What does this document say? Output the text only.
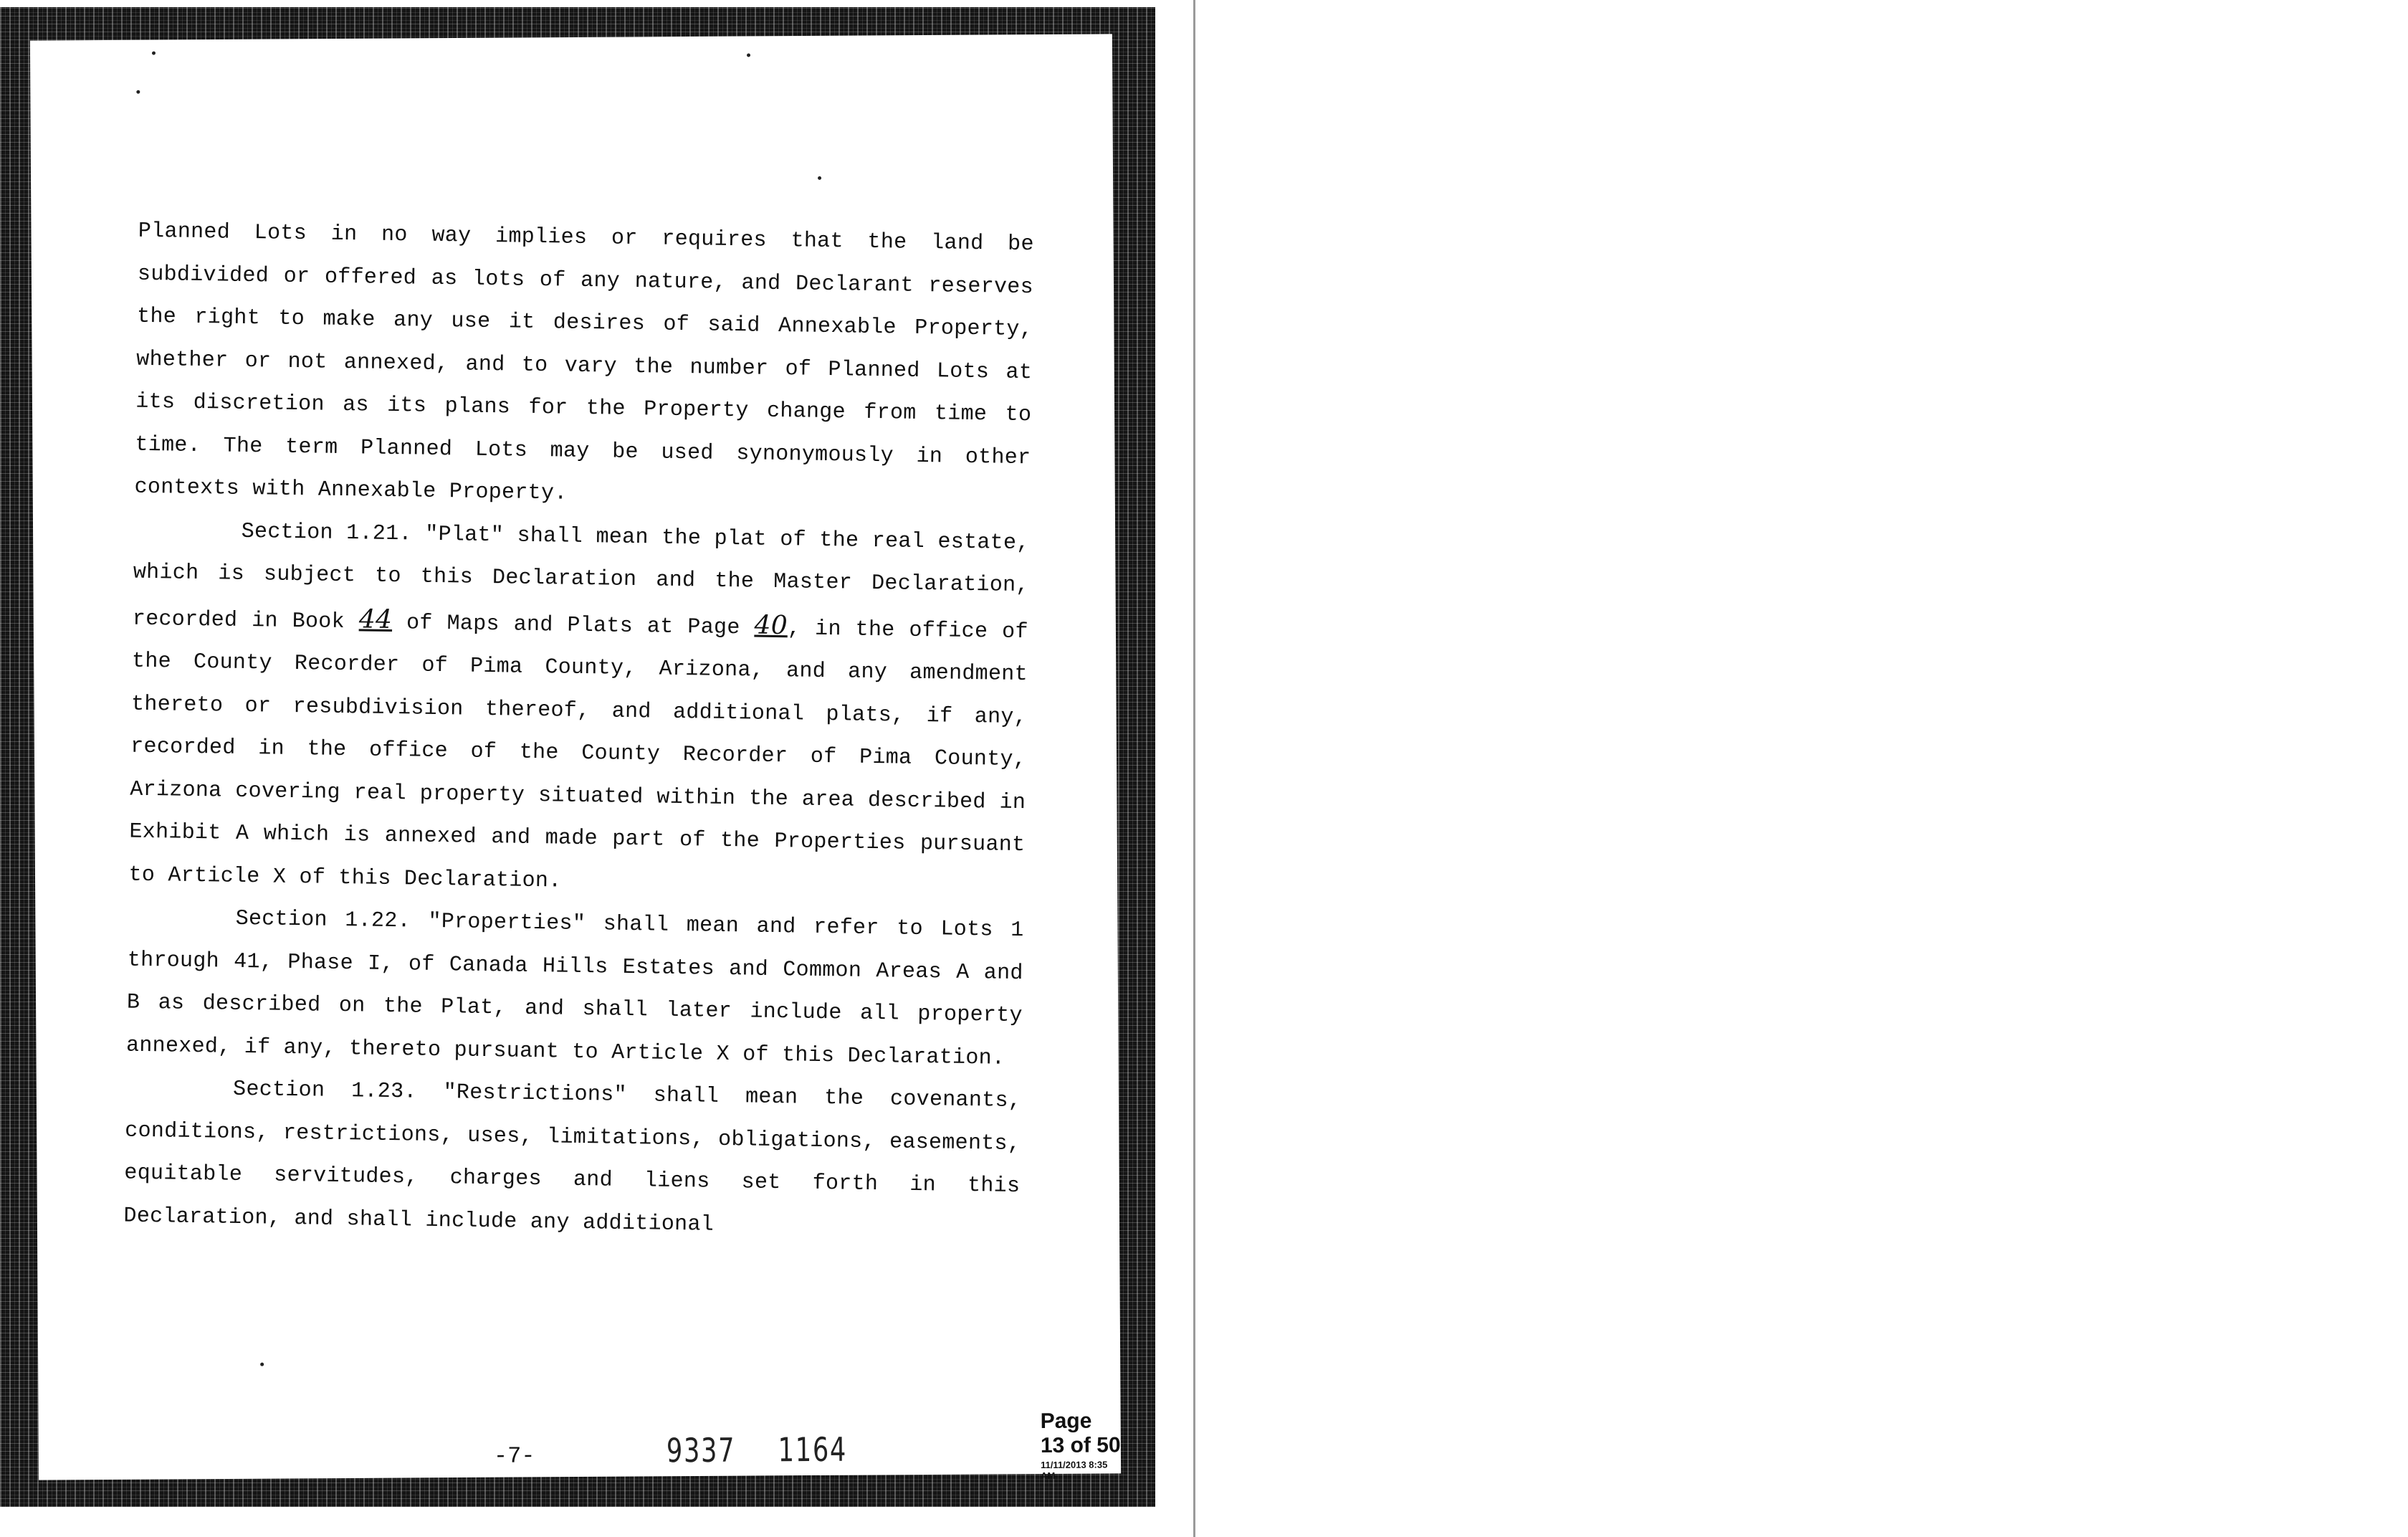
Planned Lots in no way implies or requires that the land be subdivided or offered as lots of any nature, and Declarant reserves the right to make any use it desires of said Annexable Property, whether or not annexed, and to vary the number of Planned Lots at its discretion as its plans for the Property change from time to time. The term Planned Lots may be used synonymously in other contexts with Annexable Property.

Section 1.21. "Plat" shall mean the plat of the real estate, which is subject to this Declaration and the Master Declaration, recorded in Book 44 of Maps and Plats at Page 40, in the office of the County Recorder of Pima County, Arizona, and any amendment thereto or resubdivision thereof, and additional plats, if any, recorded in the office of the County Recorder of Pima County, Arizona covering real property situated within the area described in Exhibit A which is annexed and made part of the Properties pursuant to Article X of this Declaration.

Section 1.22. "Properties" shall mean and refer to Lots 1 through 41, Phase I, of Canada Hills Estates and Common Areas A and B as described on the Plat, and shall later include all property annexed, if any, thereto pursuant to Article X of this Declaration.

Section 1.23. "Restrictions" shall mean the covenants, conditions, restrictions, uses, limitations, obligations, easements, equitable servitudes, charges and liens set forth in this Declaration, and shall include any additional

-7-	9337 1164
Page 13 of 50
11/11/2013 8:35 AM
